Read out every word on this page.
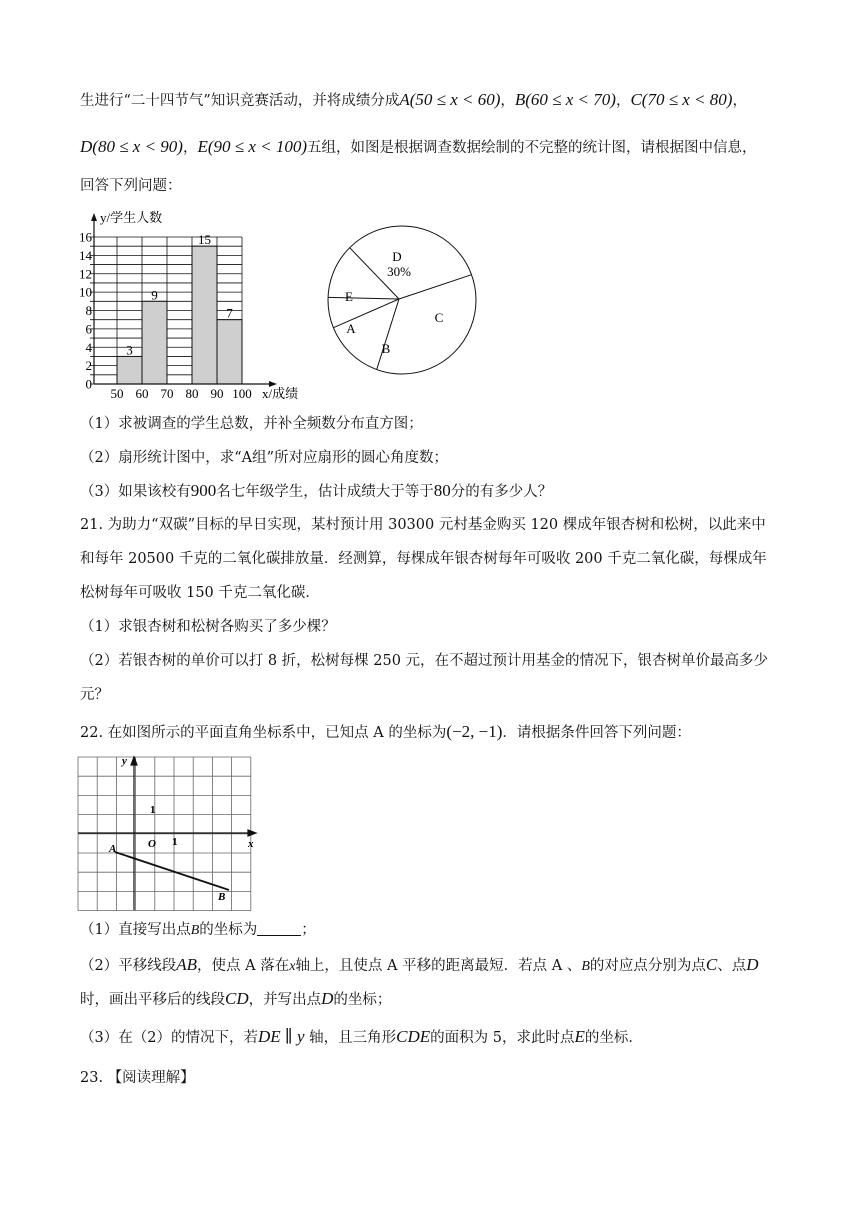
生进行“二十四节气”知识竞赛活动，并将成绩分成A(50 ≤ x < 60)，B(60 ≤ x < 70)，C(70 ≤ x < 80)，
D(80 ≤ x < 90)，E(90 ≤ x < 100)五组，如图是根据调查数据绘制的不完整的统计图，请根据图中信息，
回答下列问题：
3
9
15
7
0
2
4
6
8
10
12
14
16
50 60 70 80 90 100
y/学生人数
x/成绩
D
C
B
A
E
30%
（1）求被调查的学生总数，并补全频数分布直方图；
（2）扇形统计图中，求“A组”所对应扇形的圆心角度数；
（3）如果该校有900名七年级学生，估计成绩大于等于80分的有多少人？
21. 为助力“双碳”目标的早日实现，某村预计用 30300 元村基金购买 120 棵成年银杏树和松树，以此来中
和每年 20500 千克的二氧化碳排放量．经测算，每棵成年银杏树每年可吸收 200 千克二氧化碳，每棵成年
松树每年可吸收 150 千克二氧化碳．
（1）求银杏树和松树各购买了多少棵？
（2）若银杏树的单价可以打 8 折，松树每棵 250 元，在不超过预计用基金的情况下，银杏树单价最高多少
元？
22. 在如图所示的平面直角坐标系中，已知点 A 的坐标为(−2, −1)．请根据条件回答下列问题：
y
x
O 1
1
A
B
（1）直接写出点B的坐标为	；
（2）平移线段AB，使点 A 落在x轴上，且使点 A 平移的距离最短．若点 A 、B的对应点分别为点C、点D
时，画出平移后的线段CD，并写出点D的坐标；
（3）在（2）的情况下，若DE ∥ y 轴，且三角形CDE的面积为 5，求此时点E的坐标．
23. 【阅读理解】
